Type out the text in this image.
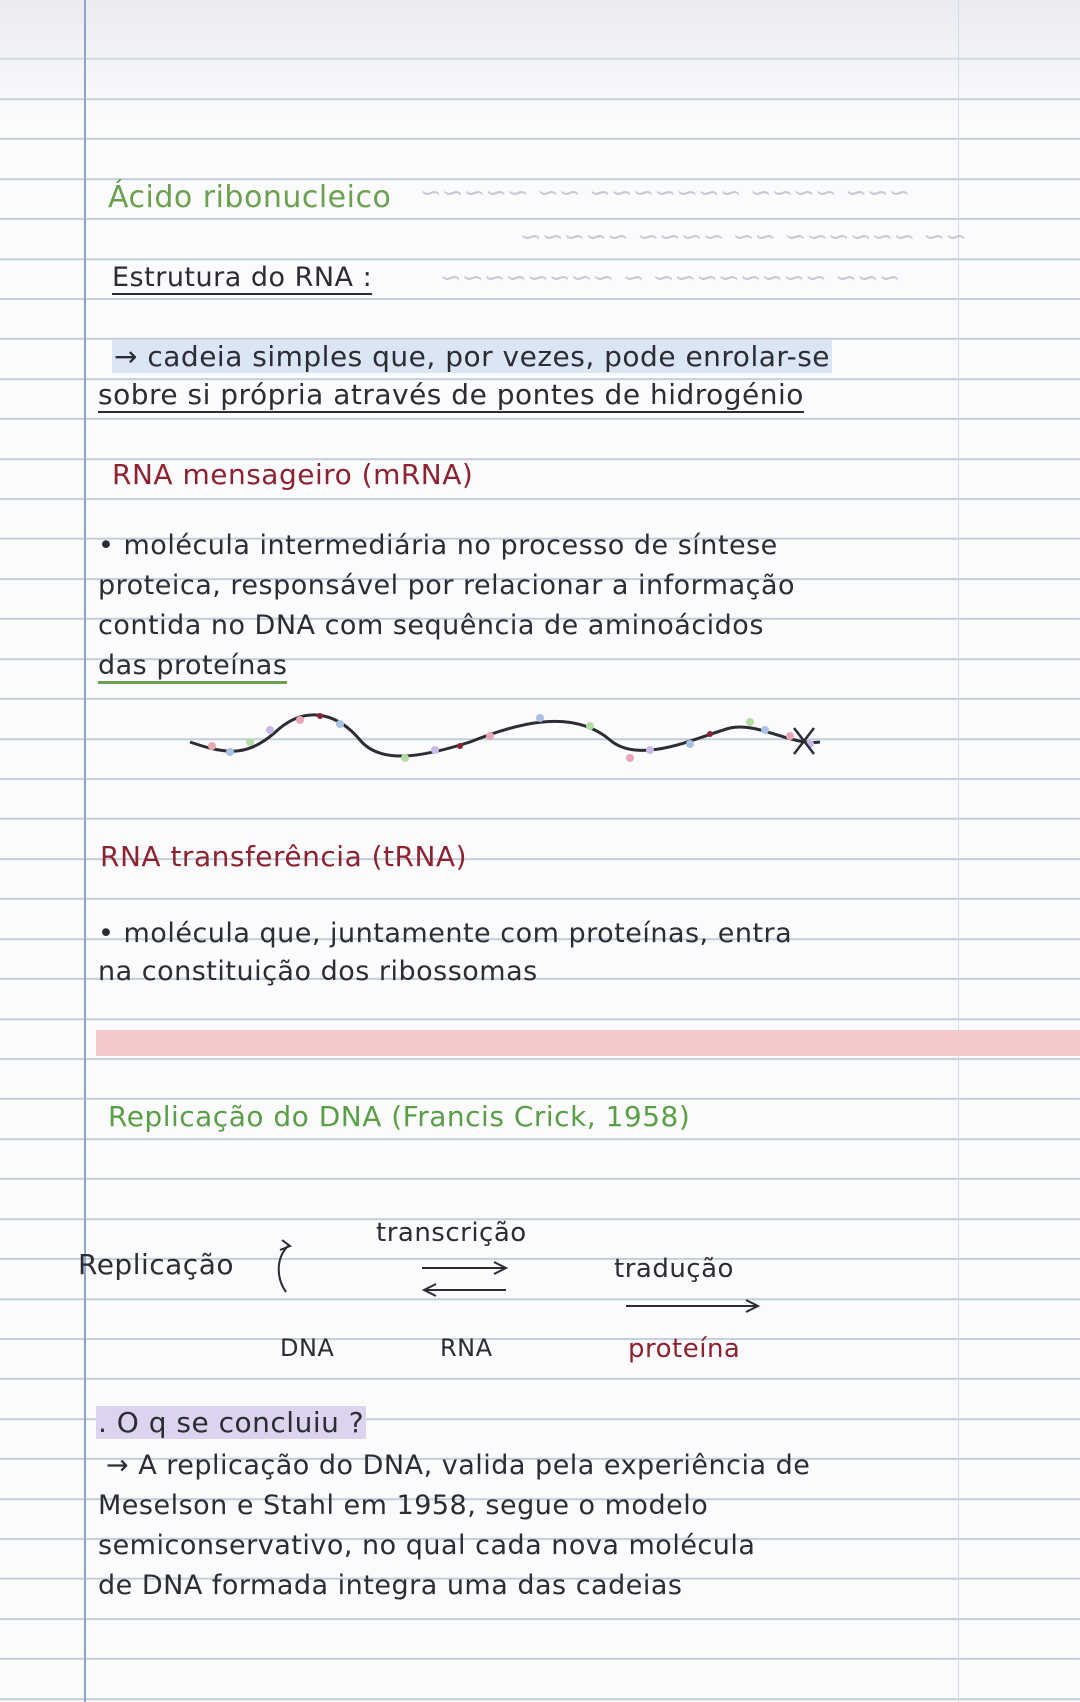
~~~ ~~~~ ~~~~~~~ ~~ ~~~~~
~~ ~~~~~~ ~~ ~~~~ ~~~~~
~~~ ~~~~~~~~ ~ ~~~~~~~~
Ácido ribonucleico
Estrutura do RNA :
→ cadeia simples que, por vezes, pode enrolar-se
sobre si própria através de pontes de hidrogénio
RNA mensageiro (mRNA)
• molécula intermediária no processo de síntese
proteica, responsável por relacionar a informação
contida no DNA com sequência de aminoácidos
das proteínas
RNA transferência (tRNA)
• molécula que, juntamente com proteínas, entra
na constituição dos ribossomas
Replicação do DNA (Francis Crick, 1958)
Replicação
transcrição
tradução
DNA	RNA	proteína
. O q se concluiu ?
→ A replicação do DNA, valida pela experiência de
Meselson e Stahl em 1958, segue o modelo
semiconservativo, no qual cada nova molécula
de DNA formada integra uma das cadeias
